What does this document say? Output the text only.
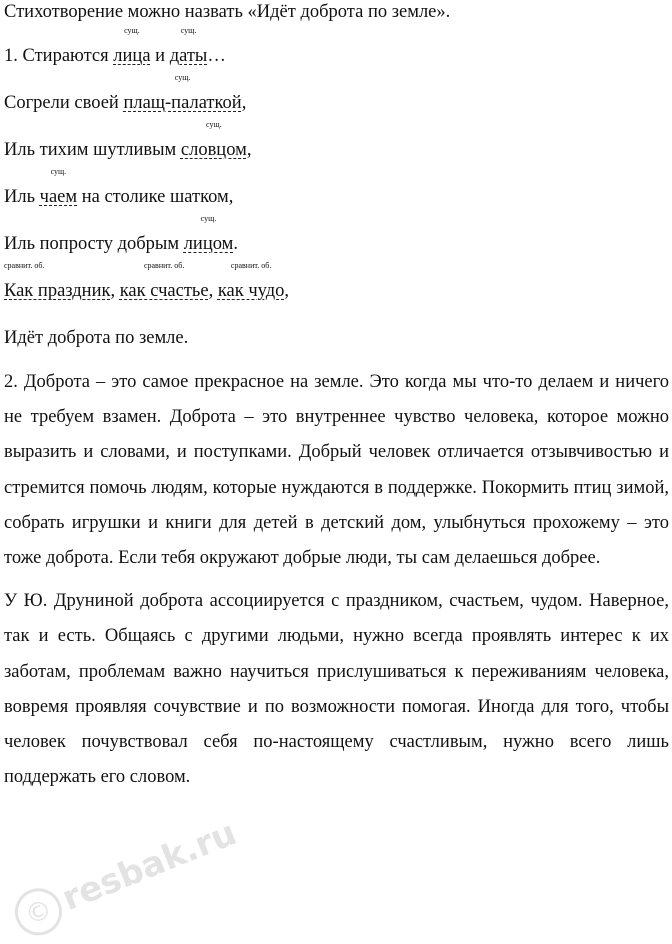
Стихотворение можно назвать «Идёт доброта по земле».

1. Стираются
сущ.
лица и
сущ.
даты…

Согрели своей
сущ.
плащ-палаткой,

Иль тихим шутливым
сущ.
словцом,

Иль
сущ.
чаем на столике шатком,

Иль попросту добрым
сущ.
лицом.

сравнит. об.
Как праздник,
сравнит. об.
как счастье,
сравнит. об.
как чудо,

Идёт доброта по земле.

2. Доброта – это самое прекрасное на земле. Это когда мы что-то делаем и ничего не требуем взамен. Доброта – это внутреннее чувство человека, которое можно выразить и словами, и поступками. Добрый человек отличается отзывчивостью и стремится помочь людям, которые нуждаются в поддержке. Покормить птиц зимой, собрать игрушки и книги для детей в детский дом, улыбнуться прохожему – это тоже доброта. Если тебя окружают добрые люди, ты сам делаешься добрее.

У Ю. Друниной доброта ассоциируется с праздником, счастьем, чудом. Наверное, так и есть. Общаясь с другими людьми, нужно всегда проявлять интерес к их заботам, проблемам важно научиться прислушиваться к переживаниям человека, вовремя проявляя сочувствие и по возможности помогая. Иногда для того, чтобы человек почувствовал себя по-настоящему счастливым, нужно всего лишь поддержать его словом.

© resbak.ru
